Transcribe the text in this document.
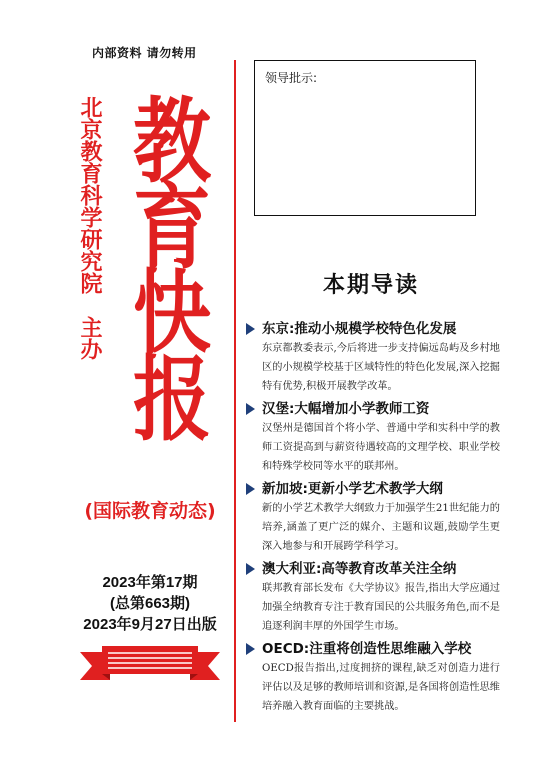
内部资料 请勿转用
北京教育科学研究院主办
教
育
快
报
(国际教育动态)
2023年第17期
(总第663期)
2023年9月27日出版
领导批示:
本期导读
东京:推动小规模学校特色化发展
东京都教委表示,今后将进一步支持偏远岛屿及乡村地区的小规模学校基于区域特性的特色化发展,深入挖掘特有优势,积极开展教学改革。
汉堡:大幅增加小学教师工资
汉堡州是德国首个将小学、普通中学和实科中学的教师工资提高到与薪资待遇较高的文理学校、职业学校和特殊学校同等水平的联邦州。
新加坡:更新小学艺术教学大纲
新的小学艺术教学大纲致力于加强学生21世纪能力的培养,涵盖了更广泛的媒介、主题和议题,鼓励学生更深入地参与和开展跨学科学习。
澳大利亚:高等教育改革关注全纳
联邦教育部长发布《大学协议》报告,指出大学应通过加强全纳教育专注于教育国民的公共服务角色,而不是追逐利润丰厚的外国学生市场。
OECD:注重将创造性思维融入学校
OECD报告指出,过度拥挤的课程,缺乏对创造力进行评估以及足够的教师培训和资源,是各国将创造性思维培养融入教育面临的主要挑战。
